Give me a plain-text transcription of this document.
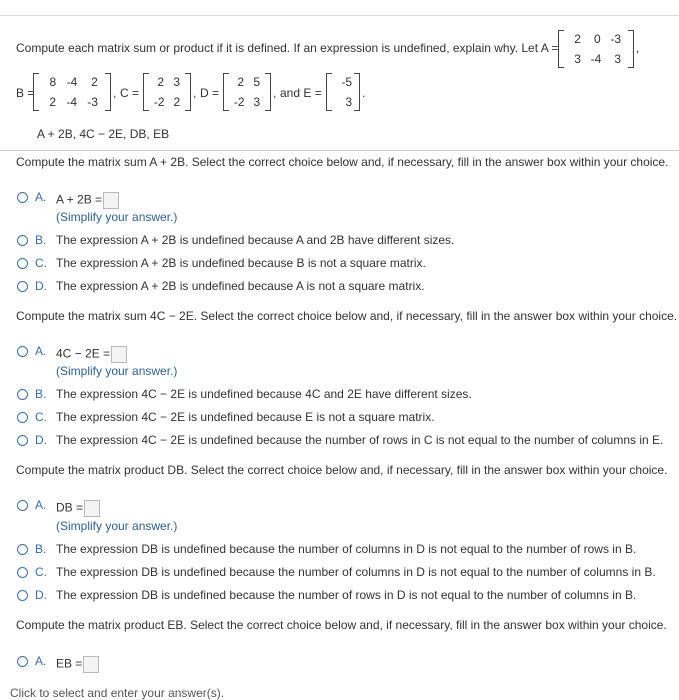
Compute each matrix sum or product if it is defined. If an expression is undefined, explain why. Let A =
2 0 -3
3 -4 3
,
B =
8 -4 2
2 -4 -3
, C =
2 3
-2 2
, D =
2 5
-2 3
, and E =
-5
3
.
A + 2B, 4C − 2E, DB, EB
Compute the matrix sum A + 2B. Select the correct choice below and, if necessary, fill in the answer box within your choice.
A. A + 2B =
(Simplify your answer.)
B. The expression A + 2B is undefined because A and 2B have different sizes.
C. The expression A + 2B is undefined because B is not a square matrix.
D. The expression A + 2B is undefined because A is not a square matrix.
Compute the matrix sum 4C − 2E. Select the correct choice below and, if necessary, fill in the answer box within your choice.
A. 4C − 2E =
(Simplify your answer.)
B. The expression 4C − 2E is undefined because 4C and 2E have different sizes.
C. The expression 4C − 2E is undefined because E is not a square matrix.
D. The expression 4C − 2E is undefined because the number of rows in C is not equal to the number of columns in E.
Compute the matrix product DB. Select the correct choice below and, if necessary, fill in the answer box within your choice.
A. DB =
(Simplify your answer.)
B. The expression DB is undefined because the number of columns in D is not equal to the number of rows in B.
C. The expression DB is undefined because the number of columns in D is not equal to the number of columns in B.
D. The expression DB is undefined because the number of rows in D is not equal to the number of columns in B.
Compute the matrix product EB. Select the correct choice below and, if necessary, fill in the answer box within your choice.
A. EB =
Click to select and enter your answer(s).
